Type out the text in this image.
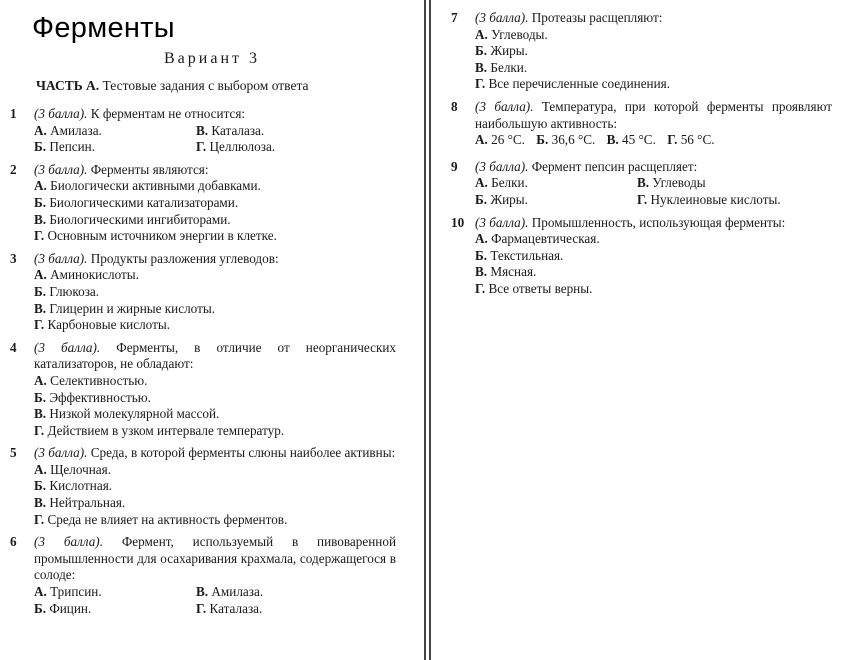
Ферменты
Вариант 3
ЧАСТЬ А. Тестовые задания с выбором ответа
1 (3 балла). К ферментам не относится:
А. Амилаза.	В. Каталаза.
Б. Пепсин.	Г. Целлюлоза.
2 (3 балла). Ферменты являются:
А. Биологически активными добавками.
Б. Биологическими катализаторами.
В. Биологическими ингибиторами.
Г. Основным источником энергии в клетке.
3 (3 балла). Продукты разложения углеводов:
А. Аминокислоты.
Б. Глюкоза.
В. Глицерин и жирные кислоты.
Г. Карбоновые кислоты.
4 (3 балла). Ферменты, в отличие от неорганических катализаторов, не обладают:
А. Селективностью.
Б. Эффективностью.
В. Низкой молекулярной массой.
Г. Действием в узком интервале температур.
5 (3 балла). Среда, в которой ферменты слюны наиболее активны:
А. Щелочная.
Б. Кислотная.
В. Нейтральная.
Г. Среда не влияет на активность ферментов.
6 (3 балла). Фермент, используемый в пивоваренной промышленности для осахаривания крахмала, содержащегося в солоде:
А. Трипсин.	В. Амилаза.
Б. Фицин.	Г. Каталаза.
7 (3 балла). Протеазы расщепляют:
А. Углеводы.
Б. Жиры.
В. Белки.
Г. Все перечисленные соединения.
8 (3 балла). Температура, при которой ферменты проявляют наибольшую активность:
А. 26 °С. Б. 36,6 °С. В. 45 °С. Г. 56 °С.
9 (3 балла). Фермент пепсин расщепляет:
А. Белки.	В. Углеводы
Б. Жиры.	Г. Нуклеиновые кислоты.
10 (3 балла). Промышленность, использующая ферменты:
А. Фармацевтическая.
Б. Текстильная.
В. Мясная.
Г. Все ответы верны.
